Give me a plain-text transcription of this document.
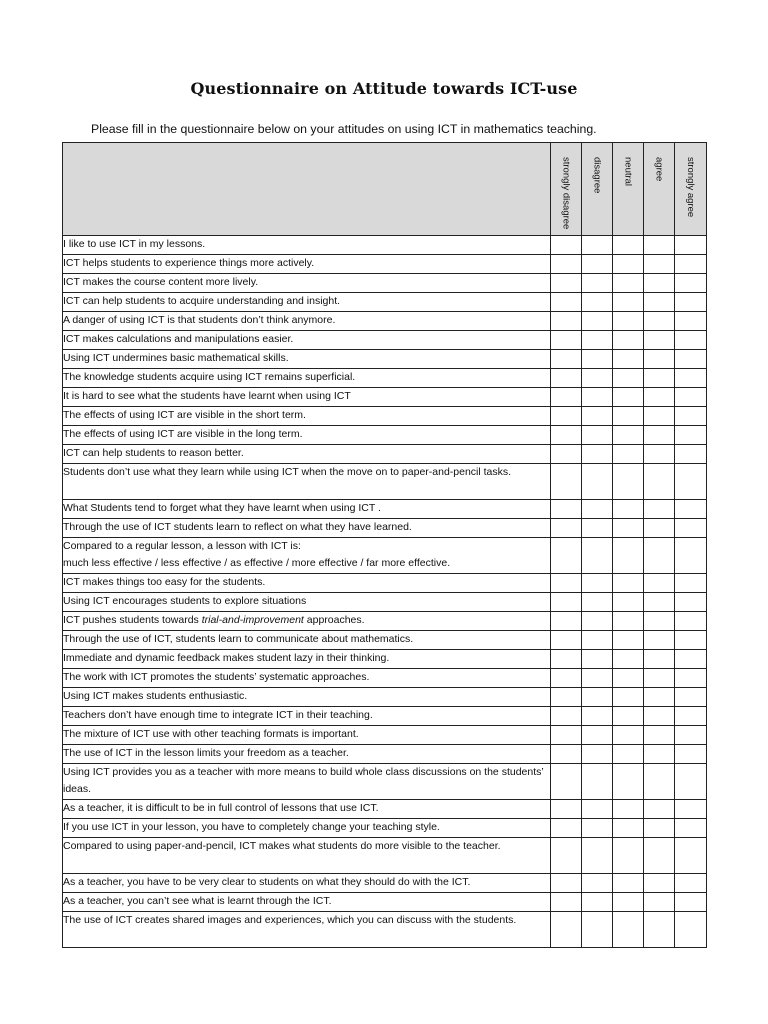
Questionnaire on Attitude towards ICT-use
Please fill in the questionnaire below on your attitudes on using ICT in mathematics teaching.
	strongly disagree	disagree	neutral	agree	strongly agree
I like to use ICT in my lessons.					
ICT helps students to experience things more actively.					
ICT makes the course content more lively.					
ICT can help students to acquire understanding and insight.					
A danger of using ICT is that students don’t think anymore.					
ICT makes calculations and manipulations easier.					
Using ICT undermines basic mathematical skills.					
The knowledge students acquire using ICT remains superficial.					
It is hard to see what the students have learnt when using ICT					
The effects of using ICT are visible in the short term.					
The effects of using ICT are visible in the long term.					
ICT can help students to reason better.					
Students don’t use what they learn while using ICT when the move on to paper-and-pencil tasks.					
What Students tend to forget what they have learnt when using ICT .					
Through the use of ICT students learn to reflect on what they have learned.					
Compared to a regular lesson, a lesson with ICT is:
much less effective / less effective / as effective / more effective / far more effective.					
ICT makes things too easy for the students.					
Using ICT encourages students to explore situations					
ICT pushes students towards trial-and-improvement approaches.					
Through the use of ICT, students learn to communicate about mathematics.					
Immediate and dynamic feedback makes student lazy in their thinking.					
The work with ICT promotes the students’ systematic approaches.					
Using ICT makes students enthusiastic.					
Teachers don’t have enough time to integrate ICT in their teaching.					
The mixture of ICT use with other teaching formats is important.					
The use of ICT in the lesson limits your freedom as a teacher.					
Using ICT provides you as a teacher with more means to build whole class discussions on the students’ ideas.					
As a teacher, it is difficult to be in full control of lessons that use ICT.					
If you use ICT in your lesson, you have to completely change your teaching style.					
Compared to using paper-and-pencil, ICT makes what students do more visible to the teacher.					
As a teacher, you have to be very clear to students on what they should do with the ICT.					
As a teacher, you can’t see what is learnt through the ICT.					
The use of ICT creates shared images and experiences, which you can discuss with the students.					
